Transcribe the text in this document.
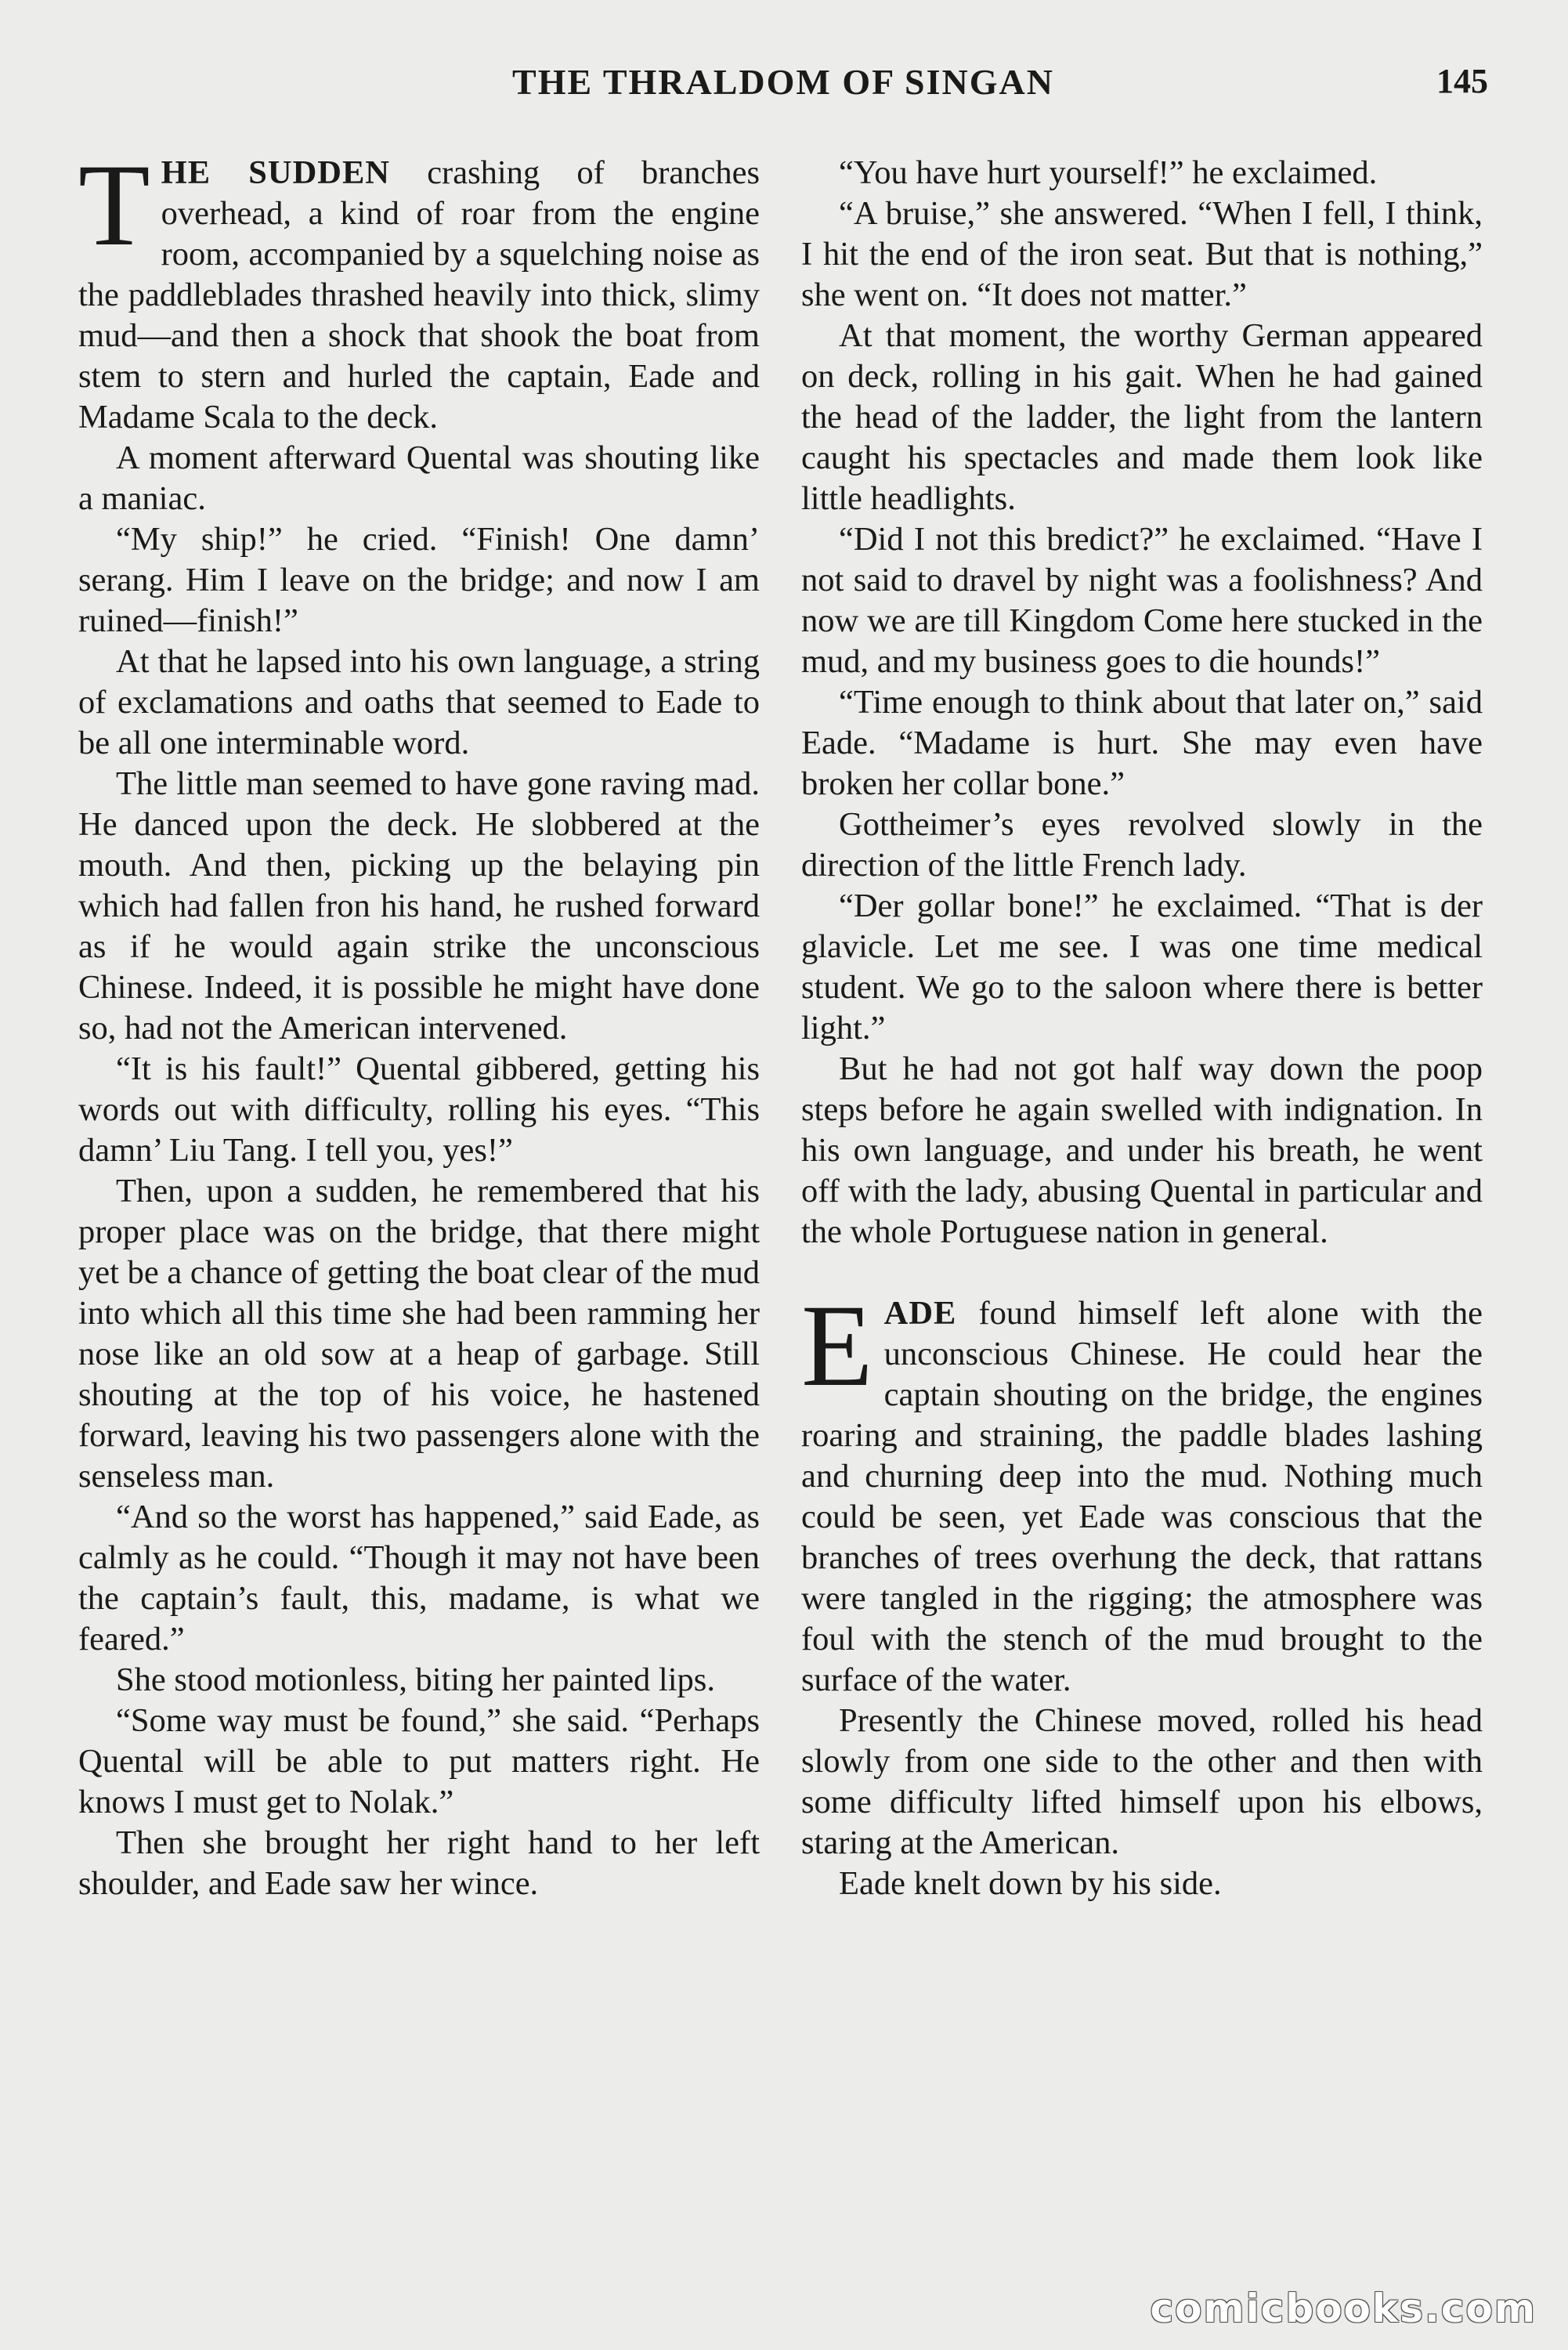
THE THRALDOM OF SINGAN	145

THE SUDDEN crashing of branches overhead, a kind of roar from the engine room, accompanied by a squelching noise as the paddleblades thrashed heavily into thick, slimy mud—and then a shock that shook the boat from stem to stern and hurled the captain, Eade and Madame Scala to the deck.

A moment afterward Quental was shouting like a maniac.

“My ship!” he cried. “Finish! One damn’ serang. Him I leave on the bridge; and now I am ruined—finish!”

At that he lapsed into his own language, a string of exclamations and oaths that seemed to Eade to be all one interminable word.

The little man seemed to have gone raving mad. He danced upon the deck. He slobbered at the mouth. And then, picking up the belaying pin which had fallen fron his hand, he rushed forward as if he would again strike the unconscious Chinese. Indeed, it is possible he might have done so, had not the American intervened.

“It is his fault!” Quental gibbered, getting his words out with difficulty, rolling his eyes. “This damn’ Liu Tang. I tell you, yes!”

Then, upon a sudden, he remembered that his proper place was on the bridge, that there might yet be a chance of getting the boat clear of the mud into which all this time she had been ramming her nose like an old sow at a heap of garbage. Still shouting at the top of his voice, he hastened forward, leaving his two passengers alone with the senseless man.

“And so the worst has happened,” said Eade, as calmly as he could. “Though it may not have been the captain’s fault, this, madame, is what we feared.”

She stood motionless, biting her painted lips.

“Some way must be found,” she said. “Perhaps Quental will be able to put matters right. He knows I must get to Nolak.”

Then she brought her right hand to her left shoulder, and Eade saw her wince.

“You have hurt yourself!” he exclaimed.

“A bruise,” she answered. “When I fell, I think, I hit the end of the iron seat. But that is nothing,” she went on. “It does not matter.”

At that moment, the worthy German appeared on deck, rolling in his gait. When he had gained the head of the ladder, the light from the lantern caught his spectacles and made them look like little headlights.

“Did I not this bredict?” he exclaimed. “Have I not said to dravel by night was a foolishness? And now we are till Kingdom Come here stucked in the mud, and my business goes to die hounds!”

“Time enough to think about that later on,” said Eade. “Madame is hurt. She may even have broken her collar bone.”

Gottheimer’s eyes revolved slowly in the direction of the little French lady.

“Der gollar bone!” he exclaimed. “That is der glavicle. Let me see. I was one time medical student. We go to the saloon where there is better light.”

But he had not got half way down the poop steps before he again swelled with indignation. In his own language, and under his breath, he went off with the lady, abusing Quental in particular and the whole Portuguese nation in general.

EADE found himself left alone with the unconscious Chinese. He could hear the captain shouting on the bridge, the engines roaring and straining, the paddle blades lashing and churning deep into the mud. Nothing much could be seen, yet Eade was conscious that the branches of trees overhung the deck, that rattans were tangled in the rigging; the atmosphere was foul with the stench of the mud brought to the surface of the water.

Presently the Chinese moved, rolled his head slowly from one side to the other and then with some difficulty lifted himself upon his elbows, staring at the American.

Eade knelt down by his side.

comicbooks.com
